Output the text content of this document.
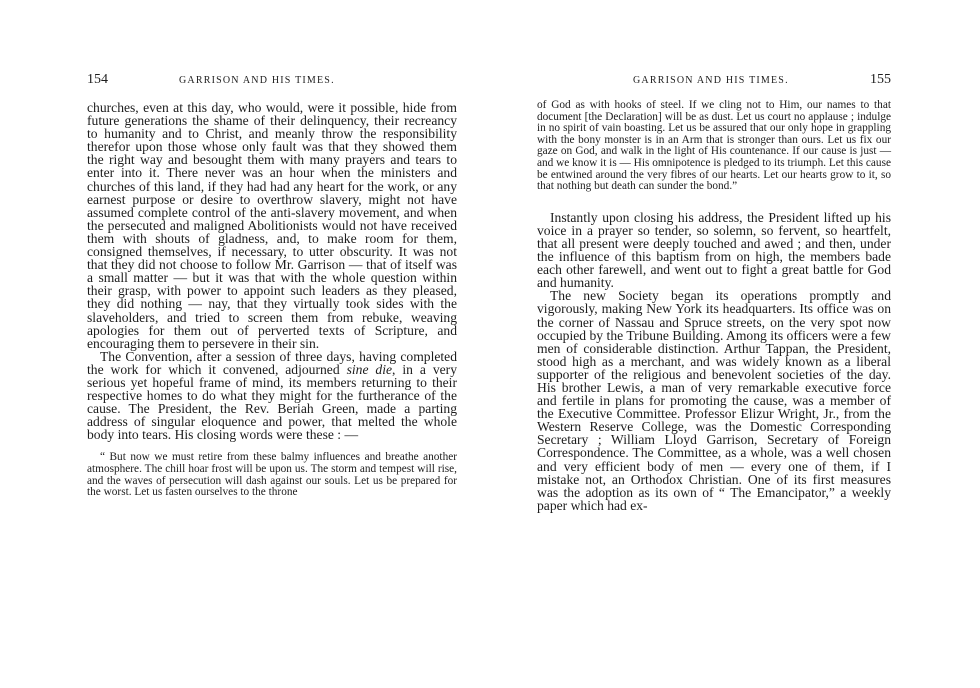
154	GARRISON AND HIS TIMES.

churches, even at this day, who would, were it possible, hide from future generations the shame of their delinquency, their recreancy to humanity and to Christ, and meanly throw the responsibility therefor upon those whose only fault was that they showed them the right way and besought them with many prayers and tears to enter into it. There never was an hour when the ministers and churches of this land, if they had had any heart for the work, or any earnest purpose or desire to overthrow slavery, might not have assumed complete control of the anti-slavery movement, and when the persecuted and maligned Abolitionists would not have received them with shouts of gladness, and, to make room for them, consigned themselves, if necessary, to utter obscurity. It was not that they did not choose to follow Mr. Garrison — that of itself was a small matter — but it was that with the whole question within their grasp, with power to appoint such leaders as they pleased, they did nothing — nay, that they virtually took sides with the slaveholders, and tried to screen them from rebuke, weaving apologies for them out of perverted texts of Scripture, and encouraging them to persevere in their sin.

The Convention, after a session of three days, having completed the work for which it convened, adjourned sine die, in a very serious yet hopeful frame of mind, its members returning to their respective homes to do what they might for the furtherance of the cause. The President, the Rev. Beriah Green, made a parting address of singular eloquence and power, that melted the whole body into tears. His closing words were these : —

“ But now we must retire from these balmy influences and breathe another atmosphere. The chill hoar frost will be upon us. The storm and tempest will rise, and the waves of persecution will dash against our souls. Let us be prepared for the worst. Let us fasten ourselves to the throne

GARRISON AND HIS TIMES.	155

of God as with hooks of steel. If we cling not to Him, our names to that document [the Declaration] will be as dust. Let us court no applause ; indulge in no spirit of vain boasting. Let us be assured that our only hope in grappling with the bony monster is in an Arm that is stronger than ours. Let us fix our gaze on God, and walk in the light of His countenance. If our cause is just — and we know it is — His omnipotence is pledged to its triumph. Let this cause be entwined around the very fibres of our hearts. Let our hearts grow to it, so that nothing but death can sunder the bond.”

Instantly upon closing his address, the President lifted up his voice in a prayer so tender, so solemn, so fervent, so heartfelt, that all present were deeply touched and awed ; and then, under the influence of this baptism from on high, the members bade each other farewell, and went out to fight a great battle for God and humanity.

The new Society began its operations promptly and vigorously, making New York its headquarters. Its office was on the corner of Nassau and Spruce streets, on the very spot now occupied by the Tribune Building. Among its officers were a few men of considerable distinction. Arthur Tappan, the President, stood high as a merchant, and was widely known as a liberal supporter of the religious and benevolent societies of the day. His brother Lewis, a man of very remarkable executive force and fertile in plans for promoting the cause, was a member of the Executive Committee. Professor Elizur Wright, Jr., from the Western Reserve College, was the Domestic Corresponding Secretary ; William Lloyd Garrison, Secretary of Foreign Correspondence. The Committee, as a whole, was a well chosen and very efficient body of men — every one of them, if I mistake not, an Orthodox Christian. One of its first measures was the adoption as its own of “ The Emancipator,” a weekly paper which had ex-
